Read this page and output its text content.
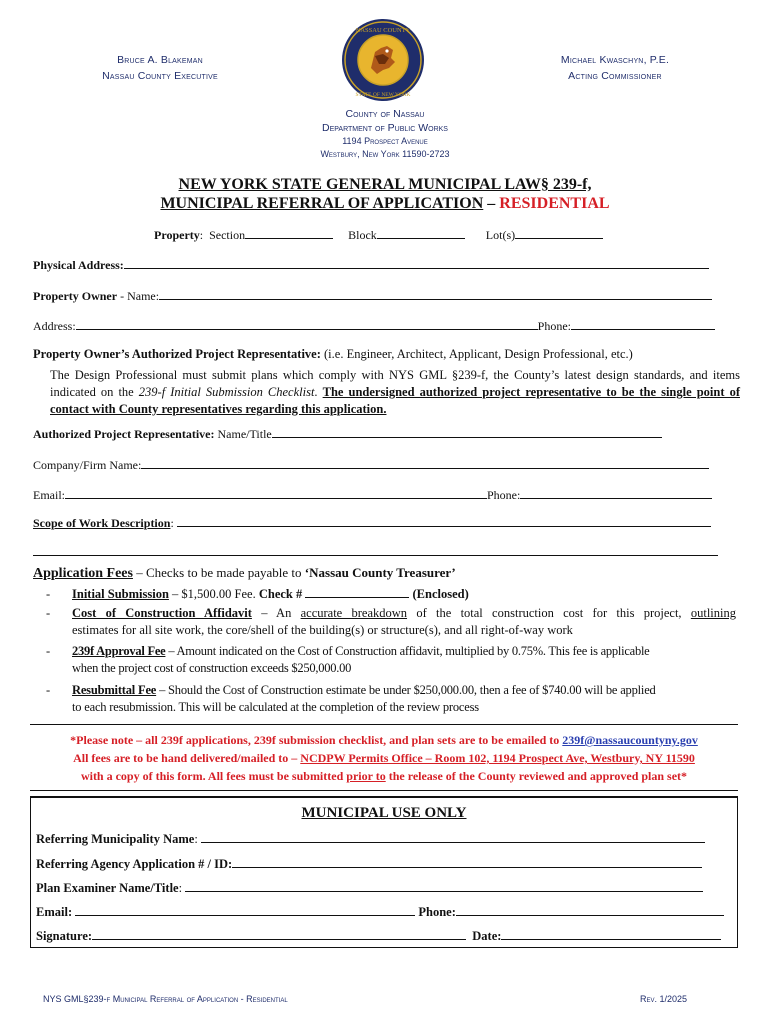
Bruce A. Blakeman
Nassau County Executive
NASSAU COUNTY
STATE OF NEW YORK
Michael Kwaschyn, P.E.
Acting Commissioner
County of Nassau
Department of Public Works
1194 Prospect Avenue
Westbury, New York 11590-2723
NEW YORK STATE GENERAL MUNICIPAL LAW§ 239-f,
MUNICIPAL REFERRAL OF APPLICATION – RESIDENTIAL
Property: Section	Block	Lot(s)
Physical Address:
Property Owner - Name:
Address:	Phone:
Property Owner’s Authorized Project Representative: (i.e. Engineer, Architect, Applicant, Design Professional, etc.)
The Design Professional must submit plans which comply with NYS GML §239-f, the County’s latest design standards, and items indicated on the 239-f Initial Submission Checklist. The undersigned authorized project representative to be the single point of contact with County representatives regarding this application.
Authorized Project Representative: Name/Title
Company/Firm Name:
Email:	Phone:
Scope of Work Description:
Application Fees – Checks to be made payable to ‘Nassau County Treasurer’
- Initial Submission – $1,500.00 Fee. Check #	(Enclosed)
- Cost of Construction Affidavit – An accurate breakdown of the total construction cost for this project, outlining
estimates for all site work, the core/shell of the building(s) or structure(s), and all right-of-way work
- 239f Approval Fee – Amount indicated on the Cost of Construction affidavit, multiplied by 0.75%. This fee is applicable
when the project cost of construction exceeds $250,000.00
- Resubmittal Fee – Should the Cost of Construction estimate be under $250,000.00, then a fee of $740.00 will be applied
to each resubmission. This will be calculated at the completion of the review process
*Please note – all 239f applications, 239f submission checklist, and plan sets are to be emailed to 239f@nassaucountyny.gov
All fees are to be hand delivered/mailed to – NCDPW Permits Office – Room 102, 1194 Prospect Ave, Westbury, NY 11590
with a copy of this form. All fees must be submitted prior to the release of the County reviewed and approved plan set*
MUNICIPAL USE ONLY
Referring Municipality Name:
Referring Agency Application # / ID:
Plan Examiner Name/Title:
Email:	Phone:
Signature:	Date:
NYS GML§239-f Municipal Referral of Application - Residential	Rev. 1/2025
